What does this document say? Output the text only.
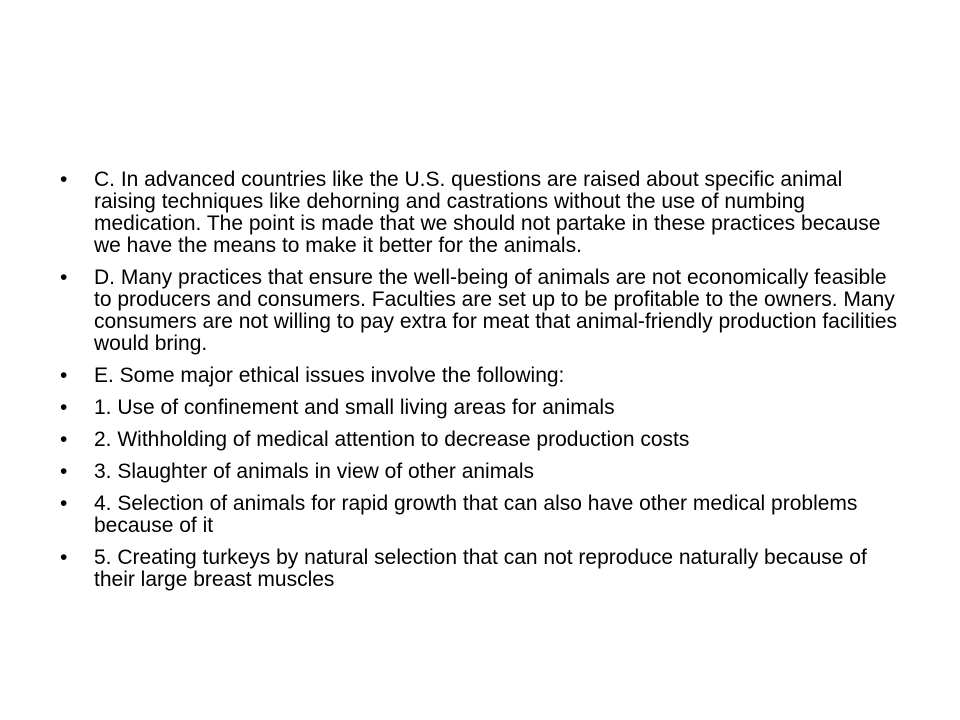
•	C. In advanced countries like the U.S. questions are raised about specific animal raising techniques like dehorning and castrations without the use of numbing medication. The point is made that we should not partake in these practices because we have the means to make it better for the animals.
•	D. Many practices that ensure the well-being of animals are not economically feasible to producers and consumers. Faculties are set up to be profitable to the owners. Many consumers are not willing to pay extra for meat that animal-friendly production facilities would bring.
•	E. Some major ethical issues involve the following:
•	1. Use of confinement and small living areas for animals
•	2. Withholding of medical attention to decrease production costs
•	3. Slaughter of animals in view of other animals
•	4. Selection of animals for rapid growth that can also have other medical problems because of it
•	5. Creating turkeys by natural selection that can not reproduce naturally because of their large breast muscles
